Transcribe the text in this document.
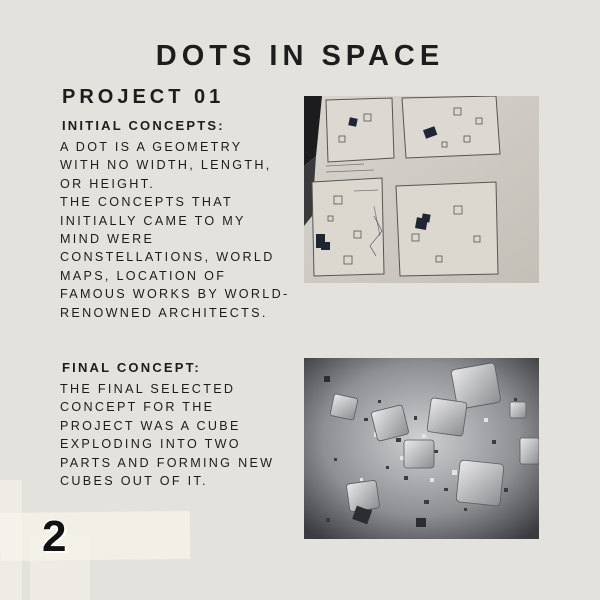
DOTS IN SPACE
PROJECT 01
INITIAL CONCEPTS:
A DOT IS A GEOMETRY
WITH NO WIDTH, LENGTH,
OR HEIGHT.
THE CONCEPTS THAT
INITIALLY CAME TO MY
MIND WERE
CONSTELLATIONS, WORLD
MAPS, LOCATION OF
FAMOUS WORKS BY WORLD-
RENOWNED ARCHITECTS.
FINAL CONCEPT:
THE FINAL SELECTED
CONCEPT FOR THE
PROJECT WAS A CUBE
EXPLODING INTO TWO
PARTS AND FORMING NEW
CUBES OUT OF IT.
2
